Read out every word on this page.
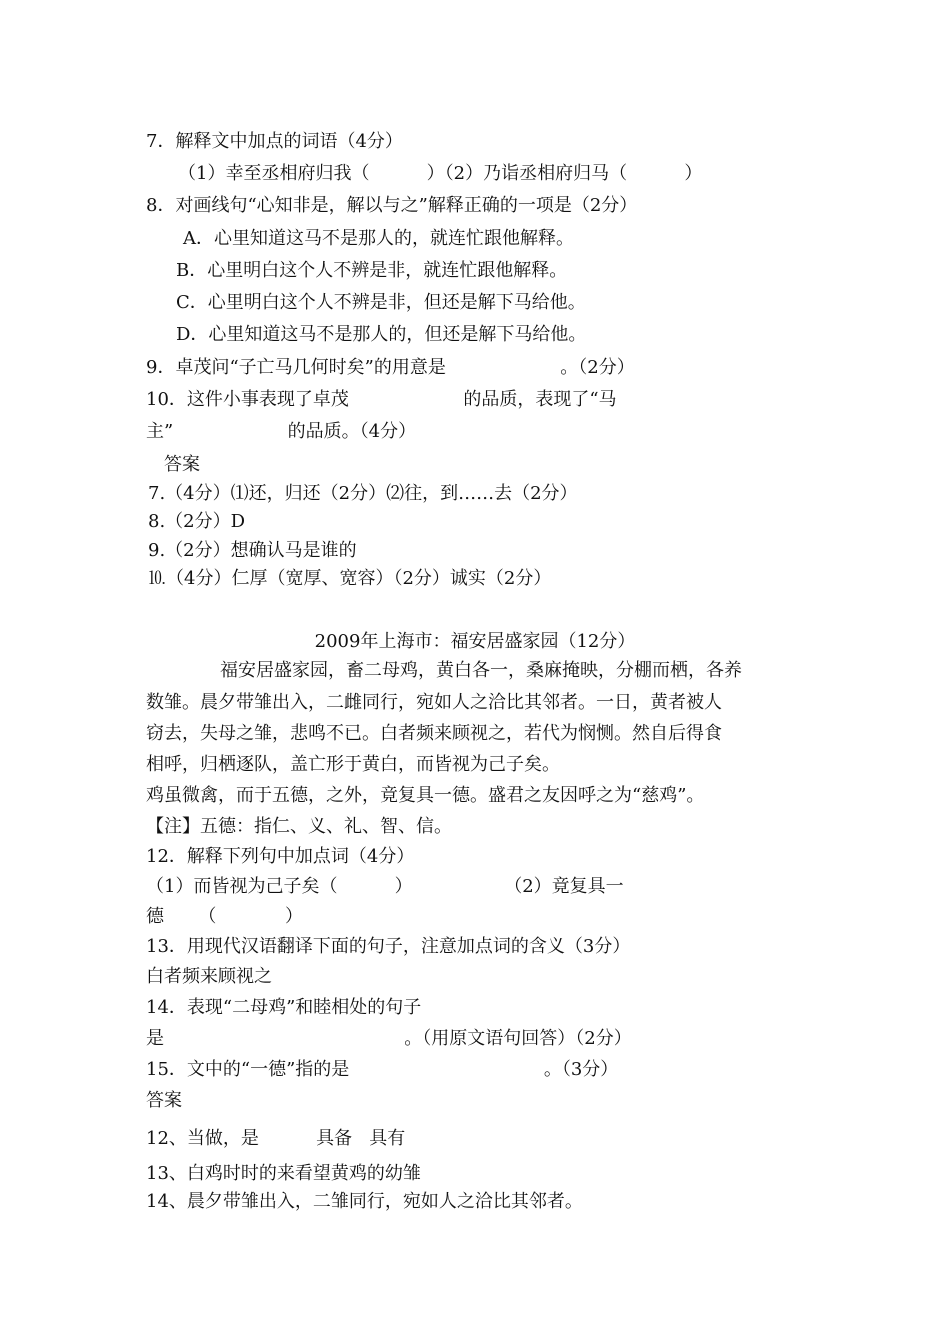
7．解释文中加点的词语（4分）
（1）幸至丞相府归我（          ）（2）乃诣丞相府归马（          ）
8．对画线句“心知非是，解以与之”解释正确的一项是（2分）
A．心里知道这马不是那人的，就连忙跟他解释。
B．心里明白这个人不辨是非，就连忙跟他解释。
C．心里明白这个人不辨是非，但还是解下马给他。
D．心里知道这马不是那人的，但还是解下马给他。
9．卓茂问“子亡马几何时矣”的用意是                    。（2分）
10．这件小事表现了卓茂                    的品质，表现了“马
主”                    的品质。（4分）
答案
7.（4分）⑴还，归还（2分）⑵往，到……去（2分）
8.（2分）D
9.（2分）想确认马是谁的
⒑（4分）仁厚（宽厚、宽容）（2分）诚实（2分）
2009年上海市：福安居盛家园（12分）
福安居盛家园，畜二母鸡，黄白各一，桑麻掩映，分棚而栖，各养
数雏。晨夕带雏出入，二雌同行，宛如人之洽比其邻者。一日，黄者被人
窃去，失母之雏，悲鸣不已。白者频来顾视之，若代为悯恻。然自后得食
相呼，归栖逐队，盖亡形于黄白，而皆视为己子矣。
鸡虽微禽，而于五德，之外，竟复具一德。盛君之友因呼之为“慈鸡”。
【注】五德：指仁、义、礼、智、信。
12．解释下列句中加点词（4分）
（1）而皆视为己子矣（          ）                （2）竟复具一
德      （            ）
13．用现代汉语翻译下面的句子，注意加点词的含义（3分）
白者频来顾视之
14．表现“二母鸡”和睦相处的句子
是                                          。（用原文语句回答）（2分）
15．文中的“一德”指的是                                  。（3分）
答案
12、当做，是          具备   具有
13、白鸡时时的来看望黄鸡的幼雏
14、晨夕带雏出入，二雏同行，宛如人之洽比其邻者。
